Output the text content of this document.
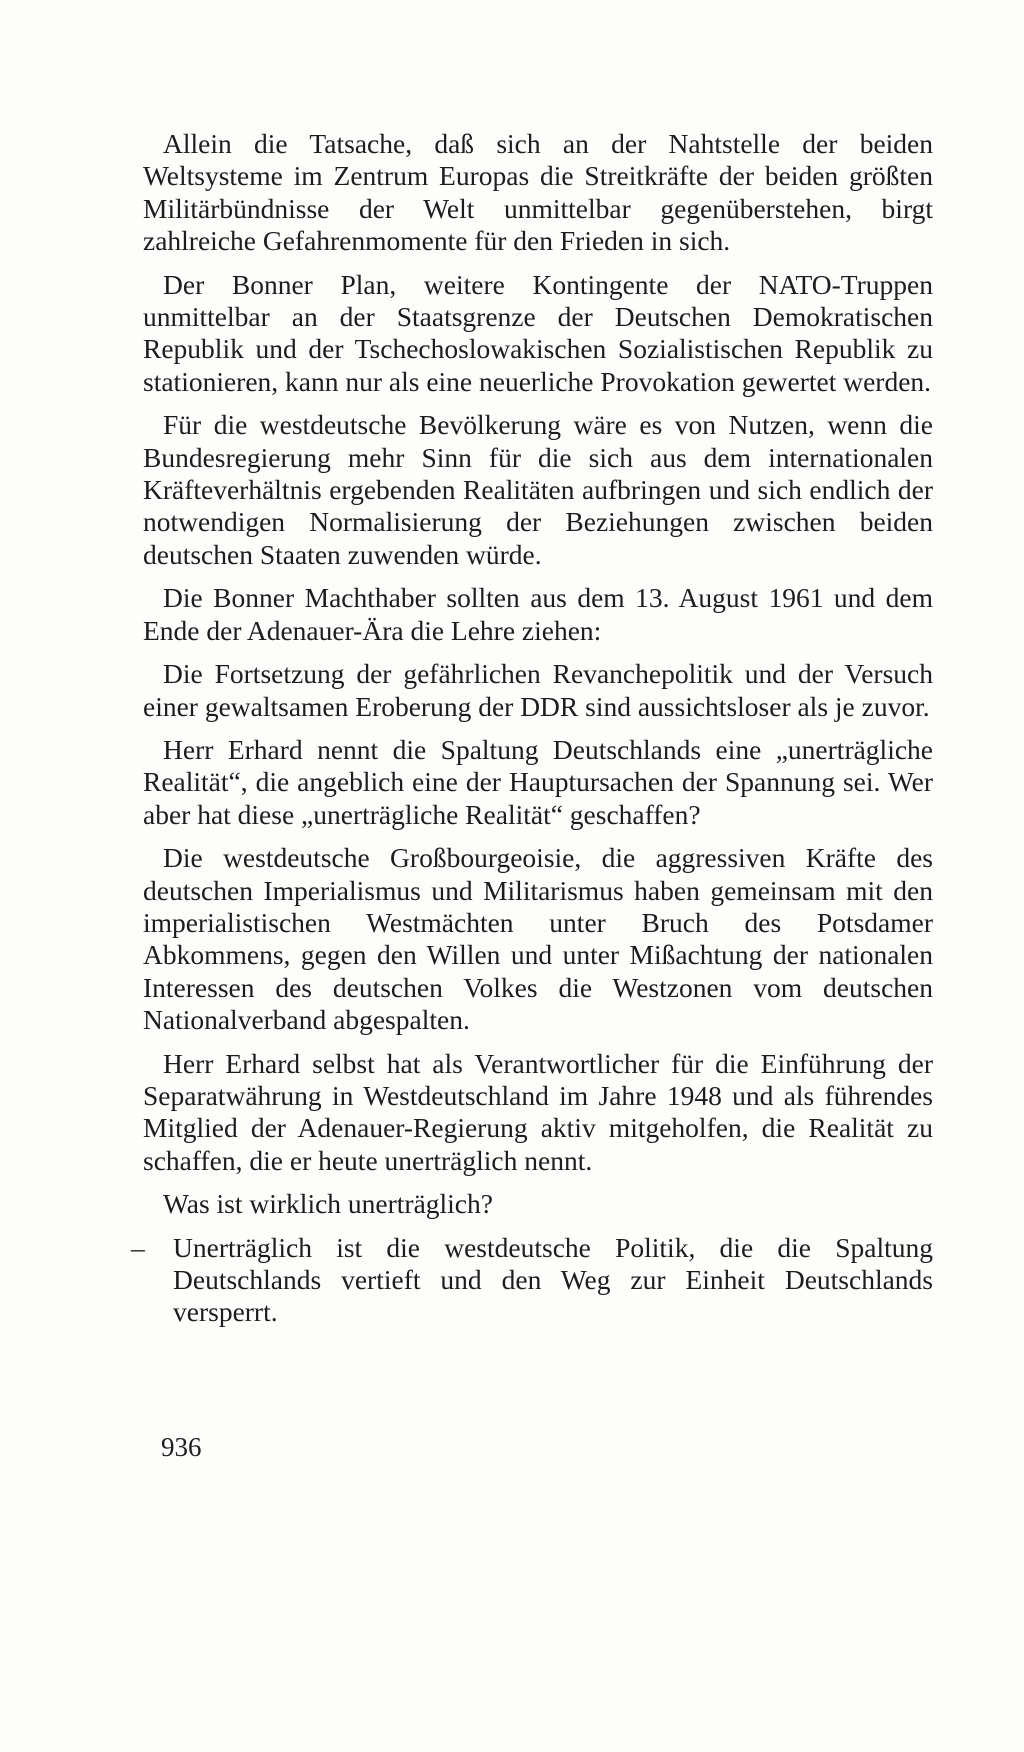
Allein die Tatsache, daß sich an der Nahtstelle der beiden Weltsysteme im Zentrum Europas die Streitkräfte der beiden größten Militärbündnisse der Welt unmittelbar gegenüberstehen, birgt zahlreiche Gefahrenmomente für den Frieden in sich.

Der Bonner Plan, weitere Kontingente der NATO-Truppen unmittelbar an der Staatsgrenze der Deutschen Demokratischen Republik und der Tschechoslowakischen Sozialistischen Republik zu stationieren, kann nur als eine neuerliche Provokation gewertet werden.

Für die westdeutsche Bevölkerung wäre es von Nutzen, wenn die Bundesregierung mehr Sinn für die sich aus dem internationalen Kräfteverhältnis ergebenden Realitäten aufbringen und sich endlich der notwendigen Normalisierung der Beziehungen zwischen beiden deutschen Staaten zuwenden würde.

Die Bonner Machthaber sollten aus dem 13. August 1961 und dem Ende der Adenauer-Ära die Lehre ziehen:

Die Fortsetzung der gefährlichen Revanchepolitik und der Versuch einer gewaltsamen Eroberung der DDR sind aussichtsloser als je zuvor.

Herr Erhard nennt die Spaltung Deutschlands eine „unerträgliche Realität“, die angeblich eine der Hauptursachen der Spannung sei. Wer aber hat diese „unerträgliche Realität“ geschaffen?

Die westdeutsche Großbourgeoisie, die aggressiven Kräfte des deutschen Imperialismus und Militarismus haben gemeinsam mit den imperialistischen Westmächten unter Bruch des Potsdamer Abkommens, gegen den Willen und unter Mißachtung der nationalen Interessen des deutschen Volkes die Westzonen vom deutschen Nationalverband abgespalten.

Herr Erhard selbst hat als Verantwortlicher für die Einführung der Separatwährung in Westdeutschland im Jahre 1948 und als führendes Mitglied der Adenauer-Regierung aktiv mitgeholfen, die Realität zu schaffen, die er heute unerträglich nennt.

Was ist wirklich unerträglich?

– Unerträglich ist die westdeutsche Politik, die die Spaltung Deutschlands vertieft und den Weg zur Einheit Deutschlands versperrt.

936
